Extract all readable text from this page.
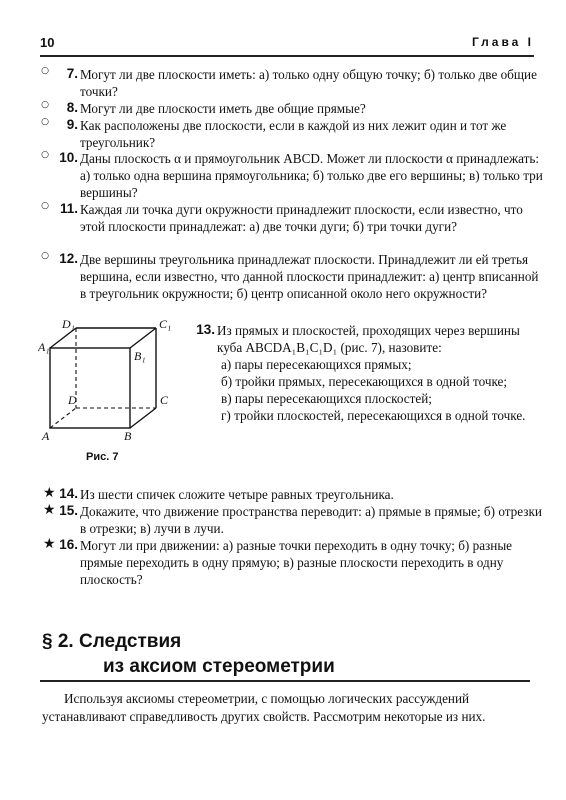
10	Глава I
○	7. Могут ли две плоскости иметь: а) только одну общую точку; б) только две общие точки?
○	8. Могут ли две плоскости иметь две общие прямые?
○	9. Как расположены две плоскости, если в каждой из них лежит один и тот же треугольник?
○ 10. Даны плоскость α и прямоугольник ABCD. Может ли плоскости α принадлежать: а) только одна вершина прямоугольника; б) только две его вершины; в) только три вершины?
○ 11. Каждая ли точка дуги окружности принадлежит плоскости, если известно, что этой плоскости принадлежат: а) две точки дуги; б) три точки дуги?
○ 12. Две вершины треугольника принадлежат плоскости. Принадлежит ли ей третья вершина, если известно, что данной плоскости принадлежит: а) центр вписанной в треугольник окружности; б) центр описанной около него окружности?
D₁	C₁
A₁
B₁
D	C
A	B
Рис. 7
13. Из прямых и плоскостей, проходящих через вершины куба ABCDA₁B₁C₁D₁ (рис. 7), назовите:
а) пары пересекающихся прямых;
б) тройки прямых, пересекающихся в одной точке;
в) пары пересекающихся плоскостей;
г) тройки плоскостей, пересекающихся в одной точке.
★ 14. Из шести спичек сложите четыре равных треугольника.
★ 15. Докажите, что движение пространства переводит: а) прямые в прямые; б) отрезки в отрезки; в) лучи в лучи.
★ 16. Могут ли при движении: а) разные точки переходить в одну точку; б) разные прямые переходить в одну прямую; в) разные плоскости переходить в одну плоскость?
§ 2. Следствия
из аксиом стереометрии
Используя аксиомы стереометрии, с помощью логических рассуждений устанавливают справедливость других свойств. Рассмотрим некоторые из них.
